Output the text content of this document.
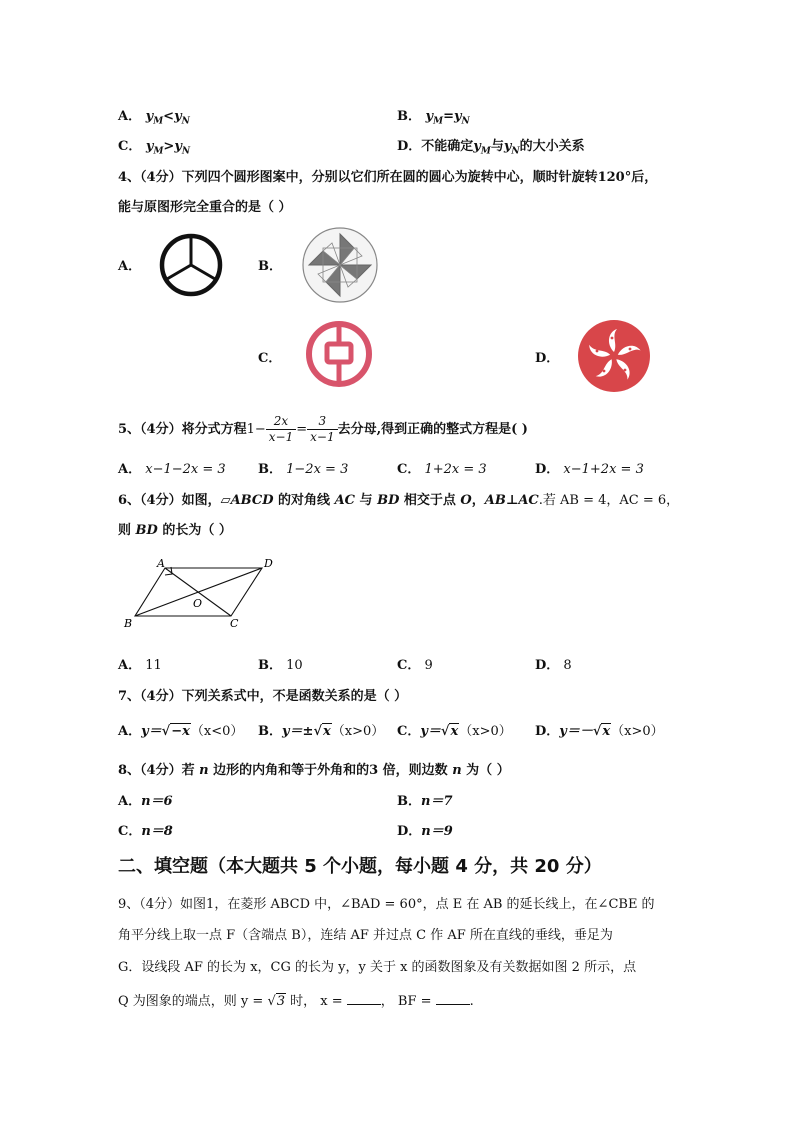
A． $y_M<y_N$	B． $y_M=y_N$
C． $y_M>y_N$	D．不能确定$y_M$与$y_N$的大小关系
4、（4分）下列四个圆形图案中，分别以它们所在圆的圆心为旋转中心，顺时针旋转120°后，
能与原图形完全重合的是（ ）
A．	B．
C．	D．
5、（4分）将分式方程$1- \frac{2x}{x-1} = \frac{3}{x-1}$ 去分母,得到正确的整式方程是( )
A． x−1−2x = 3 B． 1−2x = 3	C． 1+2x = 3	D． x−1+2x = 3
6、（4分）如图，▱ABCD 的对角线 AC 与 BD 相交于点 O，AB⊥AC.若 AB = 4，AC = 6，
则 BD 的长为（ ）
A	D
B	C
O
A． 11	B． 10	C． 9	D． 8
7、（4分）下列关系式中，不是函数关系的是（ ）
A．y＝√−x（x<0） B．y＝±√x（x>0） C．y＝√x（x>0） D．y＝－√x（x>0）
8、（4分）若 n 边形的内角和等于外角和的3 倍，则边数 n 为（ ）
A．n＝6	B．n＝7
C．n＝8	D．n＝9
二、填空题（本大题共 5 个小题，每小题 4 分，共 20 分）
9、（4分）如图1，在菱形 ABCD 中，∠BAD = 60°，点 E 在 AB 的延长线上，在∠CBE 的
角平分线上取一点 F（含端点 B），连结 AF 并过点 C 作 AF 所在直线的垂线，垂足为
G．设线段 AF 的长为 x，CG 的长为 y，y 关于 x 的函数图象及有关数据如图 2 所示，点
Q 为图象的端点，则 y = √3 时， x =	， BF =	.
